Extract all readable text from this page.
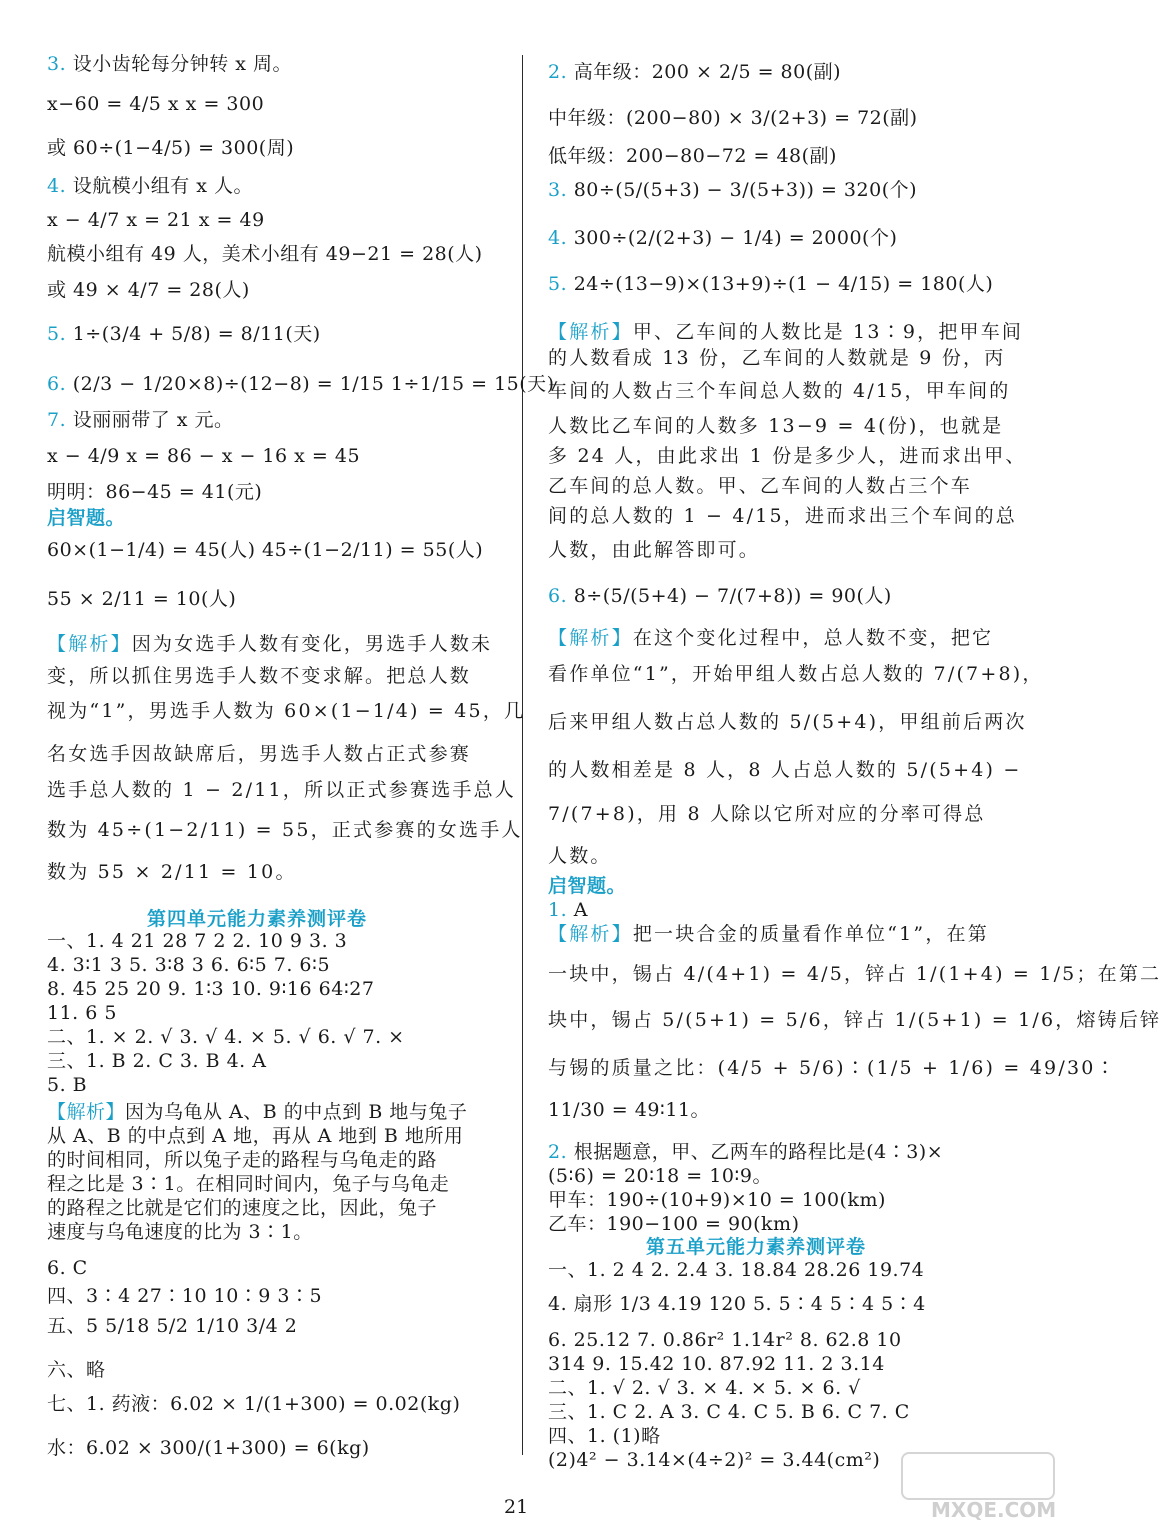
第四单元能力素养测评卷
3. 设小齿轮每分钟转 x 周。
x−60 = 4/5 x x = 300
或 60÷(1−4/5) = 300(周)
4. 设航模小组有 x 人。
x − 4/7 x = 21 x = 49
航模小组有 49 人，美术小组有 49−21 = 28(人)
或 49 × 4/7 = 28(人)
5. 1÷(3/4 + 5/8) = 8/11(天)
6. (2/3 − 1/20×8)÷(12−8) = 1/15 1÷1/15 = 15(天)
7. 设丽丽带了 x 元。
x − 4/9 x = 86 − x − 16 x = 45
明明：86−45 = 41(元)
启智题。
60×(1−1/4) = 45(人) 45÷(1−2/11) = 55(人)
55 × 2/11 = 10(人)
【解析】因为女选手人数有变化，男选手人数未
变，所以抓住男选手人数不变求解。把总人数
视为“1”，男选手人数为 60×(1−1/4) = 45，几
名女选手因故缺席后，男选手人数占正式参赛
选手总人数的 1 − 2/11，所以正式参赛选手总人
数为 45÷(1−2/11) = 55，正式参赛的女选手人
数为 55 × 2/11 = 10。
一、1. 4 21 28 7 2 2. 10 9 3. 3
4. 3∶1 3 5. 3∶8 3 6. 6∶5 7. 6∶5
8. 45 25 20 9. 1∶3 10. 9∶16 64∶27
11. 6 5
二、1. × 2. √ 3. √ 4. × 5. √ 6. √ 7. ×
三、1. B 2. C 3. B 4. A
5. B
【解析】因为乌龟从 A、B 的中点到 B 地与兔子
从 A、B 的中点到 A 地，再从 A 地到 B 地所用
的时间相同，所以兔子走的路程与乌龟走的路
程之比是 3∶1。在相同时间内，兔子与乌龟走
的路程之比就是它们的速度之比，因此，兔子
速度与乌龟速度的比为 3∶1。
6. C
四、3∶4 27∶10 10∶9 3∶5
五、5 5/18 5/2 1/10 3/4 2
六、略
七、1. 药液：6.02 × 1/(1+300) = 0.02(kg)
水：6.02 × 300/(1+300) = 6(kg)
第五单元能力素养测评卷
2. 高年级：200 × 2/5 = 80(副)
中年级：(200−80) × 3/(2+3) = 72(副)
低年级：200−80−72 = 48(副)
3. 80÷(5/(5+3) − 3/(5+3)) = 320(个)
4. 300÷(2/(2+3) − 1/4) = 2000(个)
5. 24÷(13−9)×(13+9)÷(1 − 4/15) = 180(人)
【解析】甲、乙车间的人数比是 13∶9，把甲车间
的人数看成 13 份，乙车间的人数就是 9 份，丙
车间的人数占三个车间总人数的 4/15，甲车间的
人数比乙车间的人数多 13−9 = 4(份)，也就是
多 24 人，由此求出 1 份是多少人，进而求出甲、
乙车间的总人数。甲、乙车间的人数占三个车
间的总人数的 1 − 4/15，进而求出三个车间的总
人数，由此解答即可。
6. 8÷(5/(5+4) − 7/(7+8)) = 90(人)
【解析】在这个变化过程中，总人数不变，把它
看作单位“1”，开始甲组人数占总人数的 7/(7+8)，
后来甲组人数占总人数的 5/(5+4)，甲组前后两次
的人数相差是 8 人，8 人占总人数的 5/(5+4) −
7/(7+8)，用 8 人除以它所对应的分率可得总
人数。
启智题。
1. A
【解析】把一块合金的质量看作单位“1”，在第
一块中，锡占 4/(4+1) = 4/5，锌占 1/(1+4) = 1/5；在第二
块中，锡占 5/(5+1) = 5/6，锌占 1/(5+1) = 1/6，熔铸后锌
与锡的质量之比：(4/5 + 5/6)∶(1/5 + 1/6) = 49/30∶
11/30 = 49∶11。
2. 根据题意，甲、乙两车的路程比是(4∶3)×
(5∶6) = 20∶18 = 10∶9。
甲车：190÷(10+9)×10 = 100(km)
乙车：190−100 = 90(km)
一、1. 2 4 2. 2.4 3. 18.84 28.26 19.74
4. 扇形 1/3 4.19 120 5. 5∶4 5∶4 5∶4
6. 25.12 7. 0.86r² 1.14r² 8. 62.8 10
314 9. 15.42 10. 87.92 11. 2 3.14
二、1. √ 2. √ 3. × 4. × 5. × 6. √
三、1. C 2. A 3. C 4. C 5. B 6. C 7. C
四、1. (1)略
(2)4² − 3.14×(4÷2)² = 3.44(cm²)
21	MXQE.COM
